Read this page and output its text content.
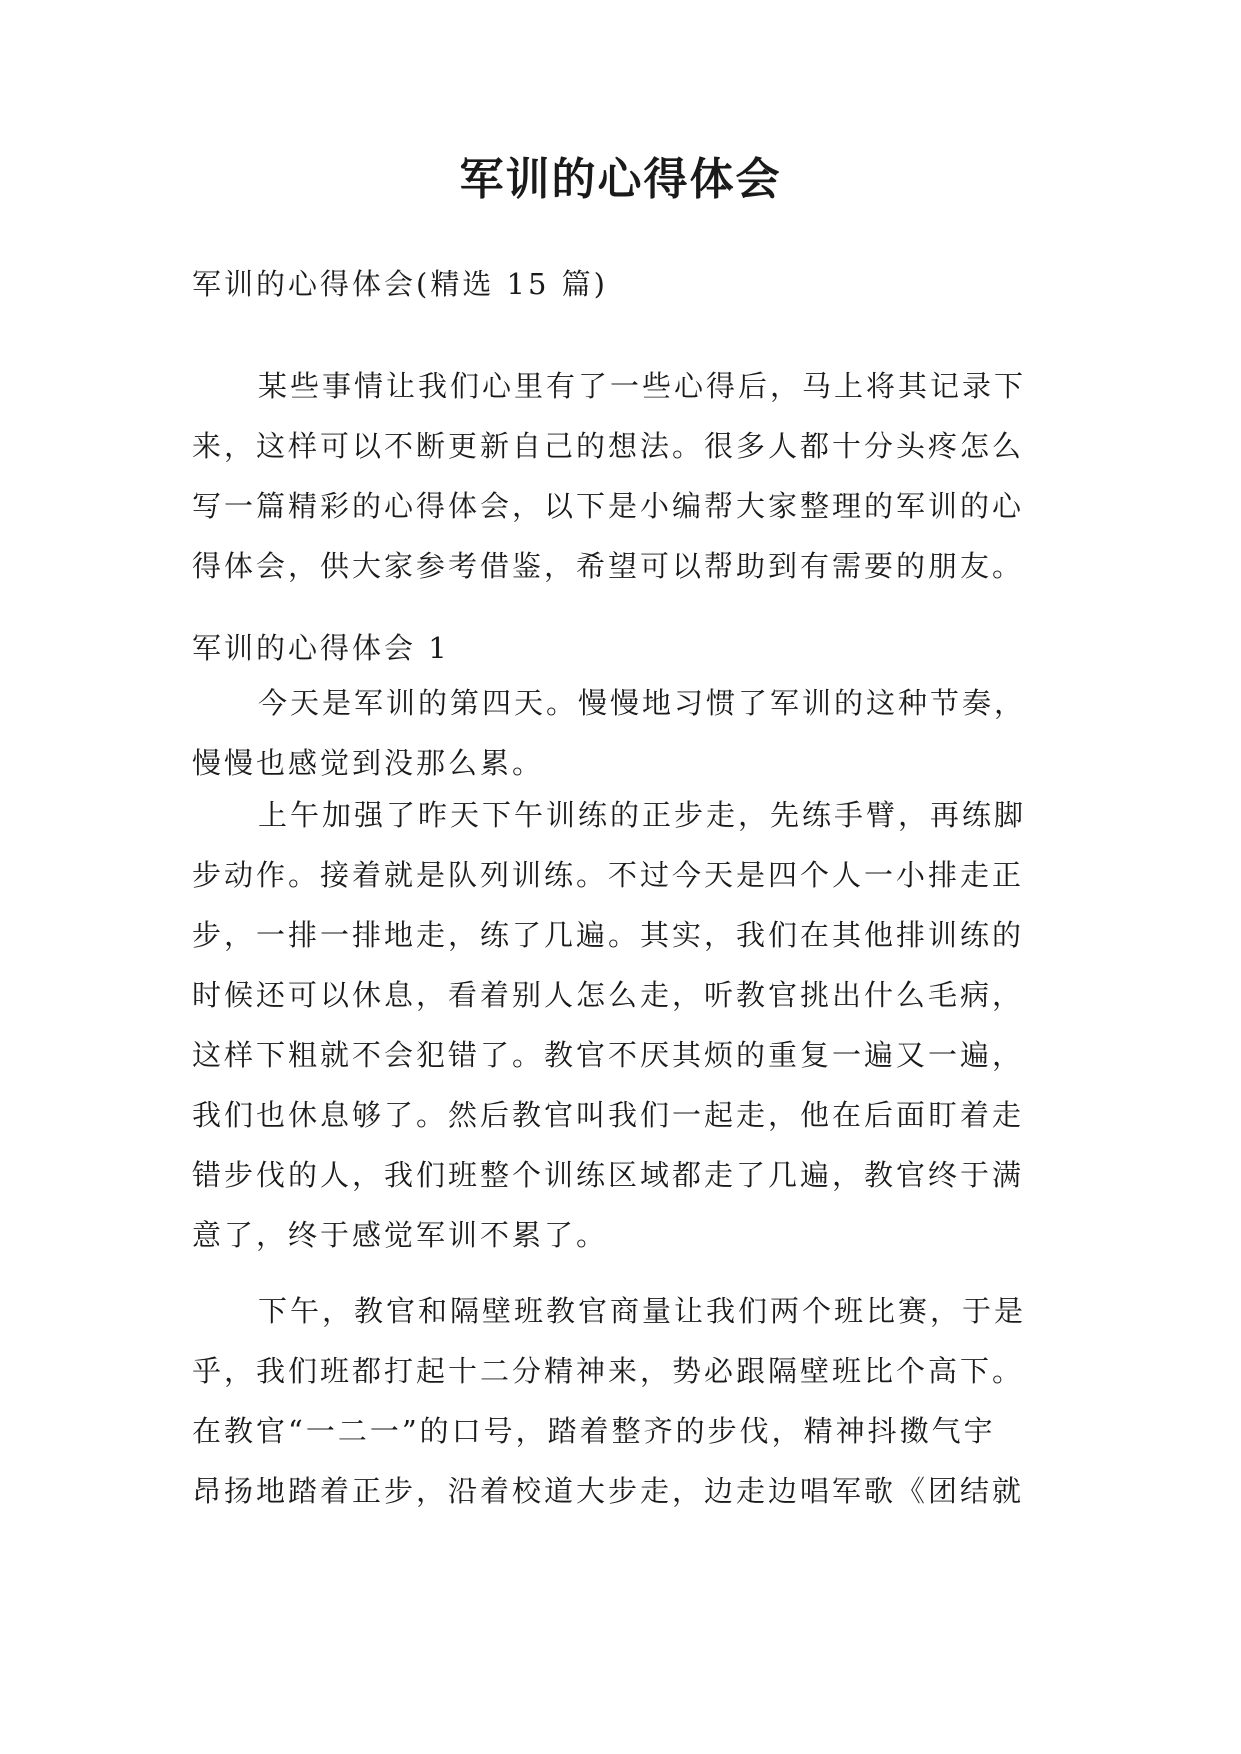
军训的心得体会
军训的心得体会(精选 15 篇)
某些事情让我们心里有了一些心得后，马上将其记录下
来，这样可以不断更新自己的想法。很多人都十分头疼怎么
写一篇精彩的心得体会，以下是小编帮大家整理的军训的心
得体会，供大家参考借鉴，希望可以帮助到有需要的朋友。
军训的心得体会 1
今天是军训的第四天。慢慢地习惯了军训的这种节奏，
慢慢也感觉到没那么累。
上午加强了昨天下午训练的正步走，先练手臂，再练脚
步动作。接着就是队列训练。不过今天是四个人一小排走正
步，一排一排地走，练了几遍。其实，我们在其他排训练的
时候还可以休息，看着别人怎么走，听教官挑出什么毛病，
这样下粗就不会犯错了。教官不厌其烦的重复一遍又一遍，
我们也休息够了。然后教官叫我们一起走，他在后面盯着走
错步伐的人，我们班整个训练区域都走了几遍，教官终于满
意了，终于感觉军训不累了。
下午，教官和隔壁班教官商量让我们两个班比赛，于是
乎，我们班都打起十二分精神来，势必跟隔壁班比个高下。
在教官“一二一”的口号，踏着整齐的步伐，精神抖擞气宇
昂扬地踏着正步，沿着校道大步走，边走边唱军歌《团结就
